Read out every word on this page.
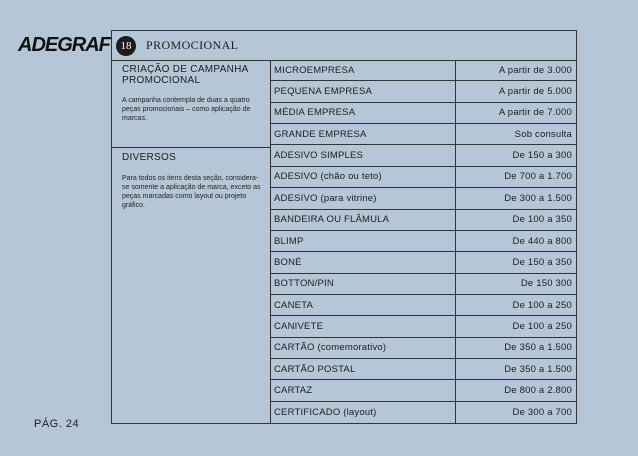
ADEGRAF 18	PROMOCIONAL
CRIAÇÃO DE CAMPANHA PROMOCIONAL
A campanha contempla de duas a quatro peças promocionais – como aplicação de marcas.
DIVERSOS
Para todos os itens desta seção, considera-se somente a aplicação de marca, exceto as peças marcadas como layout ou projeto gráfico.
MICROEMPRESA	A partir de 3.000
PEQUENA EMPRESA	A partir de 5.000
MÉDIA EMPRESA	A partir de 7.000
GRANDE EMPRESA	Sob consulta
ADESIVO SIMPLES	De 150 a 300
ADESIVO (chão ou teto)	De 700 a 1.700
ADESIVO (para vitrine)	De 300 a 1.500
BANDEIRA OU FLÂMULA	De 100 a 350
BLIMP	De 440 a 800
BONÉ	De 150 a 350
BOTTON/PIN	De 150 300
CANETA	De 100 a 250
CANIVETE	De 100 a 250
CARTÃO (comemorativo)	De 350 a 1.500
CARTÃO POSTAL	De 350 a 1.500
CARTAZ	De 800 a 2.800
CERTIFICADO (layout)	De 300 a 700
PÁG. 24
